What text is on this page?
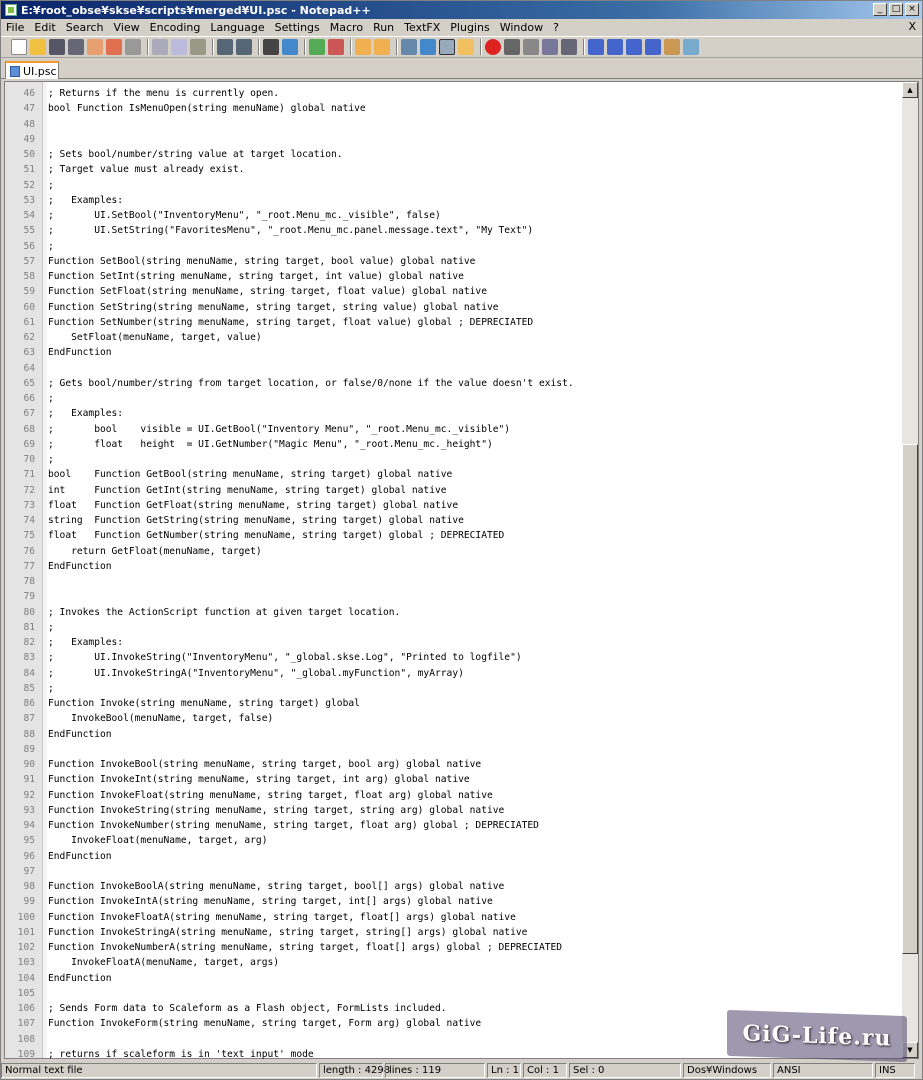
E:¥root_obse¥skse¥scripts¥merged¥UI.psc - Notepad++	_	□ ×
File Edit Search View Encoding Language Settings Macro Run TextFX Plugins Window ?	X
UI.psc
46 ; Returns if the menu is currently open.
47 bool Function IsMenuOpen(string menuName) global native
48
49
50 ; Sets bool/number/string value at target location.
51 ; Target value must already exist.
52 ;
53 ;   Examples:
54 ;       UI.SetBool("InventoryMenu", "_root.Menu_mc._visible", false)
55 ;       UI.SetString("FavoritesMenu", "_root.Menu_mc.panel.message.text", "My Text")
56 ;
57 Function SetBool(string menuName, string target, bool value) global native
58 Function SetInt(string menuName, string target, int value) global native
59 Function SetFloat(string menuName, string target, float value) global native
60 Function SetString(string menuName, string target, string value) global native
61 Function SetNumber(string menuName, string target, float value) global ; DEPRECIATED
62 SetFloat(menuName, target, value)
63 EndFunction
64
65 ; Gets bool/number/string from target location, or false/0/none if the value doesn't exist.
66 ;
67 ;   Examples:
68 ;       bool    visible = UI.GetBool("Inventory Menu", "_root.Menu_mc._visible")
69 ;       float   height  = UI.GetNumber("Magic Menu", "_root.Menu_mc._height")
70 ;
71 bool    Function GetBool(string menuName, string target) global native
72 int     Function GetInt(string menuName, string target) global native
73 float   Function GetFloat(string menuName, string target) global native
74 string  Function GetString(string menuName, string target) global native
75 float   Function GetNumber(string menuName, string target) global ; DEPRECIATED
76 return GetFloat(menuName, target)
77 EndFunction
78
79
80 ; Invokes the ActionScript function at given target location.
81 ;
82 ;   Examples:
83 ;       UI.InvokeString("InventoryMenu", "_global.skse.Log", "Printed to logfile")
84 ;       UI.InvokeStringA("InventoryMenu", "_global.myFunction", myArray)
85 ;
86 Function Invoke(string menuName, string target) global
87 InvokeBool(menuName, target, false)
88 EndFunction
89
90 Function InvokeBool(string menuName, string target, bool arg) global native
91 Function InvokeInt(string menuName, string target, int arg) global native
92 Function InvokeFloat(string menuName, string target, float arg) global native
93 Function InvokeString(string menuName, string target, string arg) global native
94 Function InvokeNumber(string menuName, string target, float arg) global ; DEPRECIATED
95 InvokeFloat(menuName, target, arg)
96 EndFunction
97
98 Function InvokeBoolA(string menuName, string target, bool[] args) global native
99 Function InvokeIntA(string menuName, string target, int[] args) global native
100 Function InvokeFloatA(string menuName, string target, float[] args) global native
101 Function InvokeStringA(string menuName, string target, string[] args) global native
102 Function InvokeNumberA(string menuName, string target, float[] args) global ; DEPRECIATED
103 InvokeFloatA(menuName, target, args)
104 EndFunction
105
106 ; Sends Form data to Scaleform as a Flash object, FormLists included.
107 Function InvokeForm(string menuName, string target, Form arg) global native
108
109 ; returns if scaleform is in 'text input' mode
▲
▼
GiG-Life.ru
Normal text file	length : 4298
lines : 119	Ln : 1 Col : 1	Sel : 0	Dos¥Windows	ANSI	INS
